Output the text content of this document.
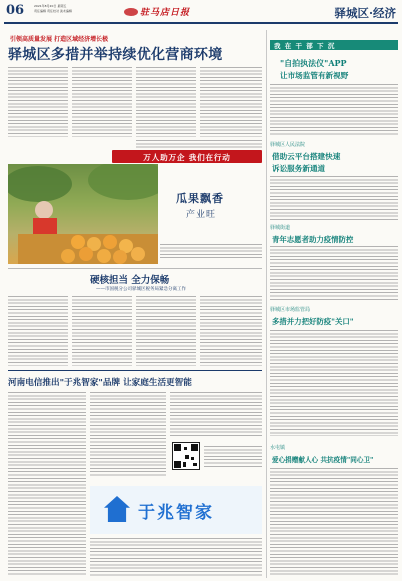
06	2021年8月20日 星期五
责任编辑 责任校对 美术编辑	驻马店日报	驿城区·经济
引领高质量发展 打造区域经济增长极
驿城区多措并举持续优化营商环境
万人助万企 我们在行动
瓜果飘香
产业旺
我 在 干 部 下 沉
"自拍执法仪"APP
让市场监管有新视野
驿城区人民法院
借助云平台搭建快速
诉讼服务新通道
驿城街道
青年志愿者助力疫情防控
驿城区市场监管局
多措并力把好防疫"关口"
水屯镇
爱心捐赠献人心 共抗疫情"同心卫"
硬核担当 全力保畅
——市国税分公司驿城区税务局紧急分离工作
河南电信推出"于兆智家"品牌 让家庭生活更智能
于兆智家
